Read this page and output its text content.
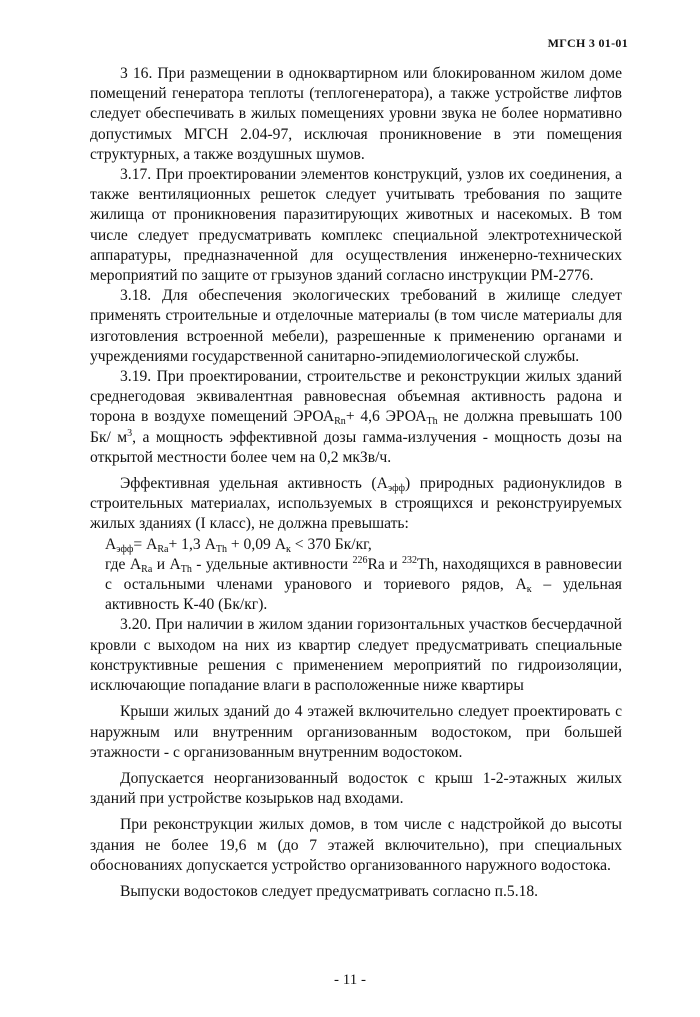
МГСН 3 01-01

3 16. При размещении в одноквартирном или блокированном жилом доме помещений генератора теплоты (теплогенератора), а также устройстве лифтов следует обеспечивать в жилых помещениях уровни звука не более нормативно допустимых МГСН 2.04-97, исключая проникновение в эти помещения структурных, а также воздушных шумов.

3.17. При проектировании элементов конструкций, узлов их соединения, а также вентиляционных решеток следует учитывать требования по защите жилища от проникновения паразитирующих животных и насекомых. В том числе следует предусматривать комплекс специальной электротехнической аппаратуры, предназначенной для осуществления инженерно-технических мероприятий по защите от грызунов зданий согласно инструкции РМ-2776.

3.18. Для обеспечения экологических требований в жилище следует применять строительные и отделочные материалы (в том числе материалы для изготовления встроенной мебели), разрешенные к применению органами и учреждениями государственной санитарно-эпидемиологической службы.

3.19. При проектировании, строительстве и реконструкции жилых зданий среднегодовая эквивалентная равновесная объемная активность радона и торона в воздухе помещений $ЭРОА_{Rn}+ 4,6$ $ЭРОА_{Th}$ не должна превышать 100 Бк/ $м^3$, а мощность эффективной дозы гамма-излучения - мощность дозы на открытой местности более чем на 0,2 мкЗв/ч.

Эффективная удельная активность $(А_{эфф})$ природных радионуклидов в строительных материалах, используемых в строящихся и реконструируемых жилых зданиях (I класс), не должна превышать:

$А_{эфф}= А_{Ra}+ 1,3$ $А_{Th} + 0,09$ $А_к < 370$ Бк/кг,

где $А_{Ra}$ и $А_{Th}$ - удельные активности $^{226}$Ra и $^{232}$Th, находящихся в равновесии с остальными членами уранового и ториевого рядов, $А_к$ – удельная активность К-40 (Бк/кг).

3.20. При наличии в жилом здании горизонтальных участков бесчердачной кровли с выходом на них из квартир следует предусматривать специальные конструктивные решения с применением мероприятий по гидроизоляции, исключающие попадание влаги в расположенные ниже квартиры

Крыши жилых зданий до 4 этажей включительно следует проектировать с наружным или внутренним организованным водостоком, при большей этажности - с организованным внутренним водостоком.

Допускается неорганизованный водосток с крыш 1-2-этажных жилых зданий при устройстве козырьков над входами.

При реконструкции жилых домов, в том числе с надстройкой до высоты здания не более 19,6 м (до 7 этажей включительно), при специальных обоснованиях допускается устройство организованного наружного водостока.

Выпуски водостоков следует предусматривать согласно п.5.18.

- 11 -
